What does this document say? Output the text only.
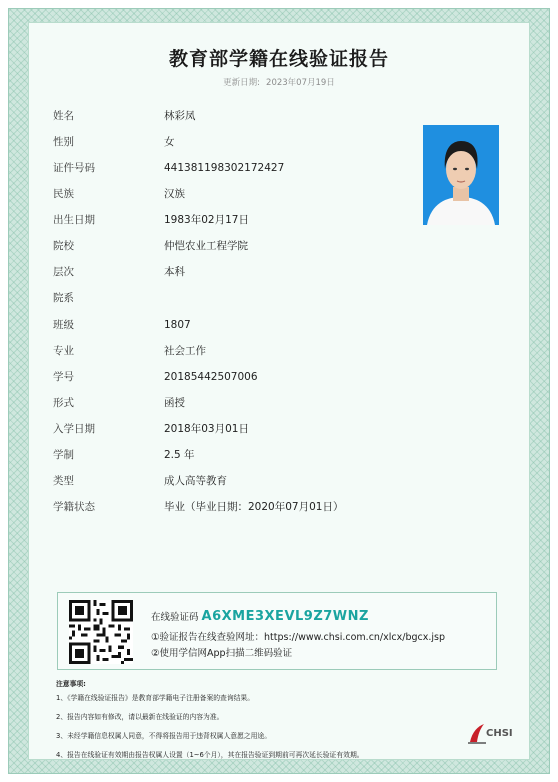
教育部学籍在线验证报告
更新日期: 2023年07月19日
姓名	林彩凤
性别	女
证件号码	441381198302172427
民族	汉族
出生日期	1983年02月17日
院校	仲恺农业工程学院
层次	本科
院系
班级	1807
专业	社会工作
学号	20185442507006
形式	函授
入学日期	2018年03月01日
学制	2.5 年
类型	成人高等教育
学籍状态	毕业（毕业日期：2020年07月01日）
在线验证码 A6XME3XEVL9Z7WNZ
①验证报告在线查验网址：https://www.chsi.com.cn/xlcx/bgcx.jsp
②使用学信网App扫描二维码验证
注意事项:
1、《学籍在线验证报告》是教育部学籍电子注册备案的查询结果。
2、报告内容如有修改，请以最新在线验证的内容为准。
3、未经学籍信息权属人同意，不得将报告用于违背权属人意愿之用途。
4、报告在线验证有效期由报告权属人设置（1~6个月），其在报告验证到期前可再次延长验证有效期。
CHSI
